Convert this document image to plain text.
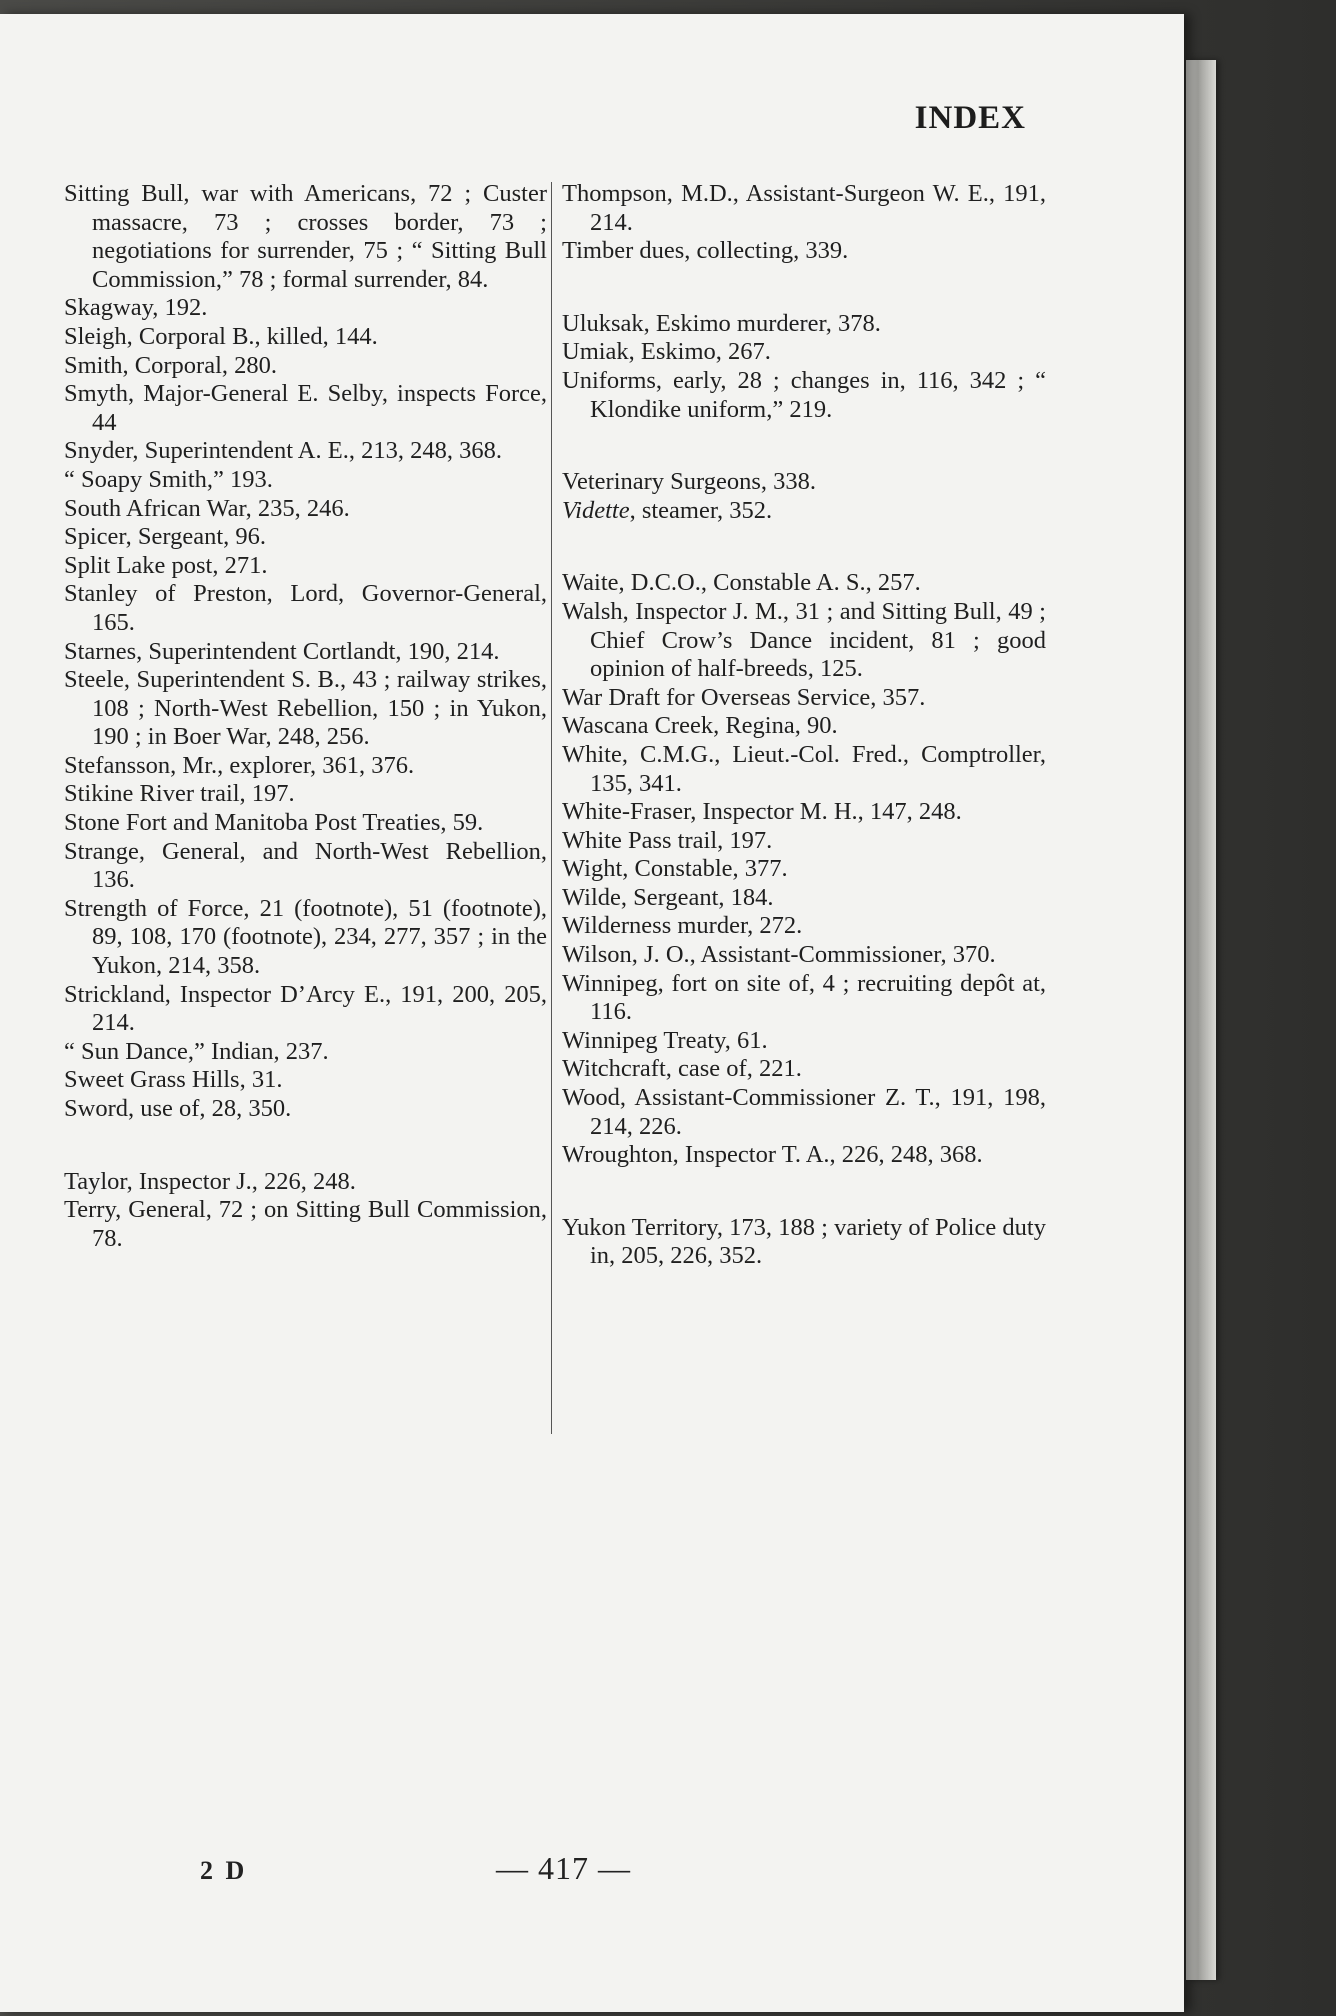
INDEX
Sitting Bull, war with Americans, 72 ; Custer massacre, 73 ; crosses border, 73 ; negotiations for surrender, 75 ; “ Sitting Bull Commission,” 78 ; formal surrender, 84.
Skagway, 192.
Sleigh, Corporal B., killed, 144.
Smith, Corporal, 280.
Smyth, Major-General E. Selby, inspects Force, 44
Snyder, Superintendent A. E., 213, 248, 368.
“ Soapy Smith,” 193.
South African War, 235, 246.
Spicer, Sergeant, 96.
Split Lake post, 271.
Stanley of Preston, Lord, Governor-General, 165.
Starnes, Superintendent Cortlandt, 190, 214.
Steele, Superintendent S. B., 43 ; railway strikes, 108 ; North-West Rebellion, 150 ; in Yukon, 190 ; in Boer War, 248, 256.
Stefansson, Mr., explorer, 361, 376.
Stikine River trail, 197.
Stone Fort and Manitoba Post Treaties, 59.
Strange, General, and North-West Rebellion, 136.
Strength of Force, 21 (footnote), 51 (footnote), 89, 108, 170 (footnote), 234, 277, 357 ; in the Yukon, 214, 358.
Strickland, Inspector D’Arcy E., 191, 200, 205, 214.
“ Sun Dance,” Indian, 237.
Sweet Grass Hills, 31.
Sword, use of, 28, 350.
Taylor, Inspector J., 226, 248.
Terry, General, 72 ; on Sitting Bull Commission, 78.
Thompson, M.D., Assistant-Surgeon W. E., 191, 214.
Timber dues, collecting, 339.
Uluksak, Eskimo murderer, 378.
Umiak, Eskimo, 267.
Uniforms, early, 28 ; changes in, 116, 342 ; “ Klondike uniform,” 219.
Veterinary Surgeons, 338.
Vidette, steamer, 352.
Waite, D.C.O., Constable A. S., 257.
Walsh, Inspector J. M., 31 ; and Sitting Bull, 49 ; Chief Crow’s Dance incident, 81 ; good opinion of half-breeds, 125.
War Draft for Overseas Service, 357.
Wascana Creek, Regina, 90.
White, C.M.G., Lieut.-Col. Fred., Comptroller, 135, 341.
White-Fraser, Inspector M. H., 147, 248.
White Pass trail, 197.
Wight, Constable, 377.
Wilde, Sergeant, 184.
Wilderness murder, 272.
Wilson, J. O., Assistant-Commissioner, 370.
Winnipeg, fort on site of, 4 ; recruiting depôt at, 116.
Winnipeg Treaty, 61.
Witchcraft, case of, 221.
Wood, Assistant-Commissioner Z. T., 191, 198, 214, 226.
Wroughton, Inspector T. A., 226, 248, 368.
Yukon Territory, 173, 188 ; variety of Police duty in, 205, 226, 352.
2 D	— 417 —
